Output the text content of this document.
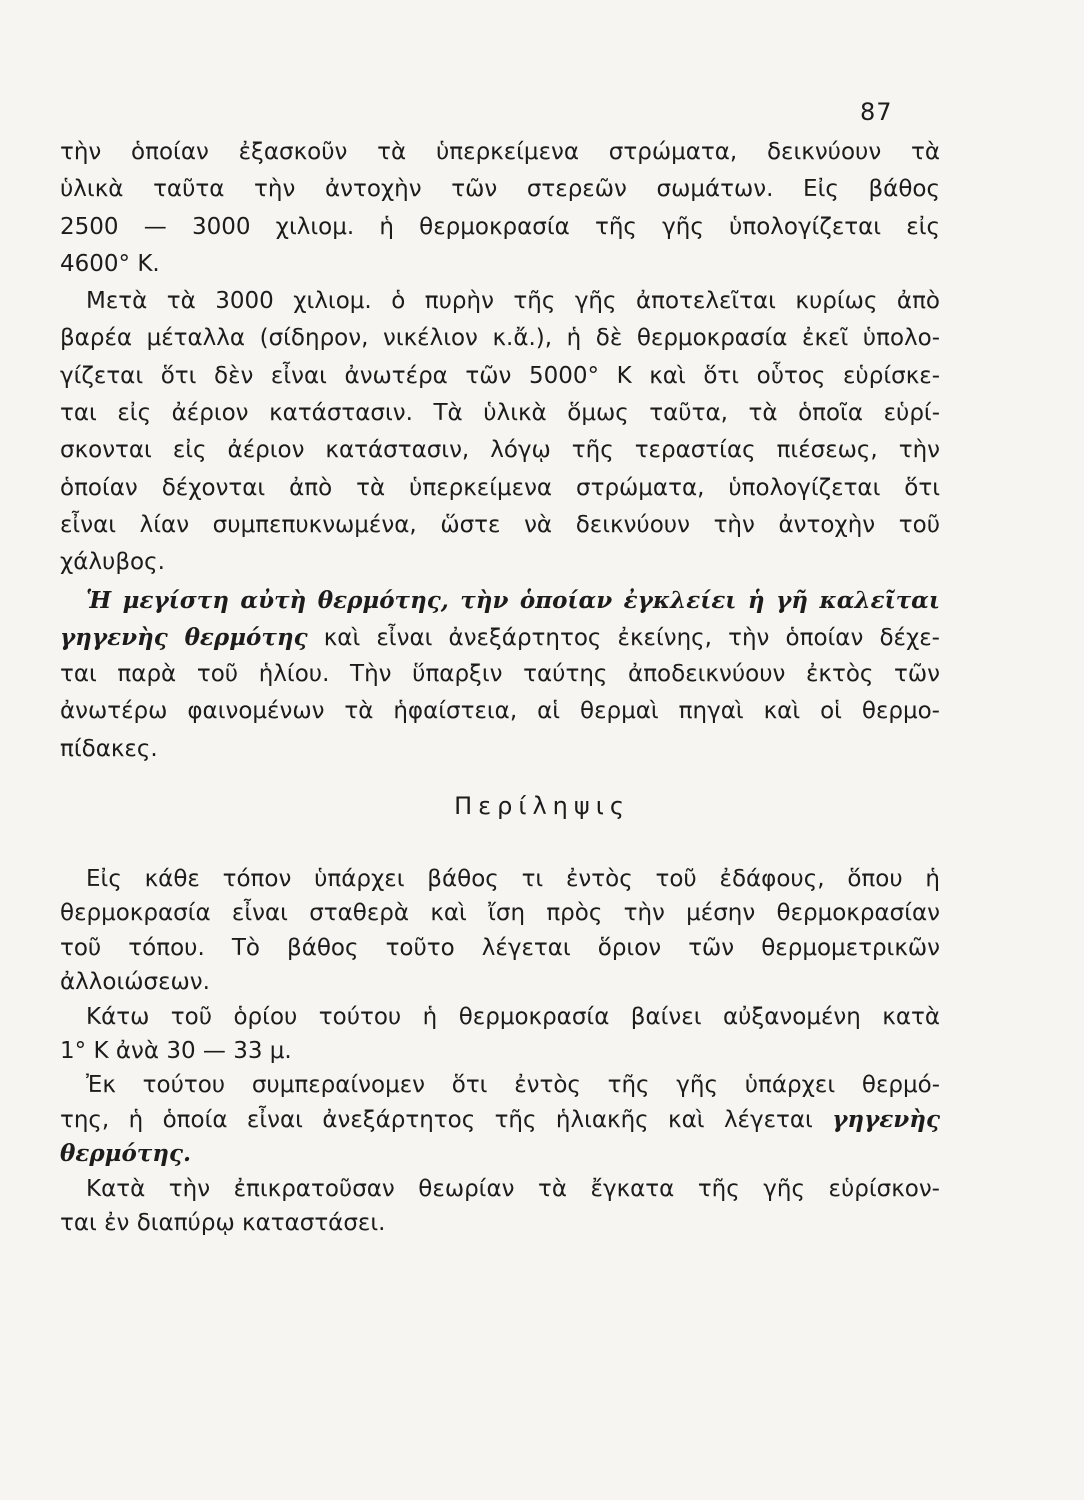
87
τὴν ὁποίαν ἐξασκοῦν τὰ ὑπερκείμενα στρώματα, δεικνύουν τὰ
ὑλικὰ ταῦτα τὴν ἀντοχὴν τῶν στερεῶν σωμάτων. Εἰς βάθος
2500 — 3000 χιλιομ. ἡ θερμοκρασία τῆς γῆς ὑπολογίζεται εἰς
4600° Κ.
Μετὰ τὰ 3000 χιλιομ. ὁ πυρὴν τῆς γῆς ἀποτελεῖται κυρίως ἀπὸ
βαρέα μέταλλα (σίδηρον, νικέλιον κ.ἄ.), ἡ δὲ θερμοκρασία ἐκεῖ ὑπολο-
γίζεται ὅτι δὲν εἶναι ἀνωτέρα τῶν 5000° Κ καὶ ὅτι οὗτος εὑρίσκε-
ται εἰς ἀέριον κατάστασιν. Τὰ ὑλικὰ ὅμως ταῦτα, τὰ ὁποῖα εὑρί-
σκονται εἰς ἀέριον κατάστασιν, λόγῳ τῆς τεραστίας πιέσεως, τὴν
ὁποίαν δέχονται ἀπὸ τὰ ὑπερκείμενα στρώματα, ὑπολογίζεται ὅτι
εἶναι λίαν συμπεπυκνωμένα, ὥστε νὰ δεικνύουν τὴν ἀντοχὴν τοῦ
χάλυβος.
Ἡ μεγίστη αὐτὴ θερμότης, τὴν ὁποίαν ἐγκλείει ἡ γῆ καλεῖται
γηγενὴς θερμότης καὶ εἶναι ἀνεξάρτητος ἐκείνης, τὴν ὁποίαν δέχε-
ται παρὰ τοῦ ἡλίου. Τὴν ὕπαρξιν ταύτης ἀποδεικνύουν ἐκτὸς τῶν
ἀνωτέρω φαινομένων τὰ ἡφαίστεια, αἱ θερμαὶ πηγαὶ καὶ οἱ θερμο-
πίδακες.
Περίληψις
Εἰς κάθε τόπον ὑπάρχει βάθος τι ἐντὸς τοῦ ἐδάφους, ὅπου ἡ
θερμοκρασία εἶναι σταθερὰ καὶ ἴση πρὸς τὴν μέσην θερμοκρασίαν
τοῦ τόπου. Τὸ βάθος τοῦτο λέγεται ὅριον τῶν θερμομετρικῶν
ἀλλοιώσεων.
Κάτω τοῦ ὁρίου τούτου ἡ θερμοκρασία βαίνει αὐξανομένη κατὰ
1° Κ ἀνὰ 30 — 33 μ.
Ἐκ τούτου συμπεραίνομεν ὅτι ἐντὸς τῆς γῆς ὑπάρχει θερμό-
της, ἡ ὁποία εἶναι ἀνεξάρτητος τῆς ἡλιακῆς καὶ λέγεται γηγενὴς
θερμότης.
Κατὰ τὴν ἐπικρατοῦσαν θεωρίαν τὰ ἔγκατα τῆς γῆς εὑρίσκον-
ται ἐν διαπύρῳ καταστάσει.
